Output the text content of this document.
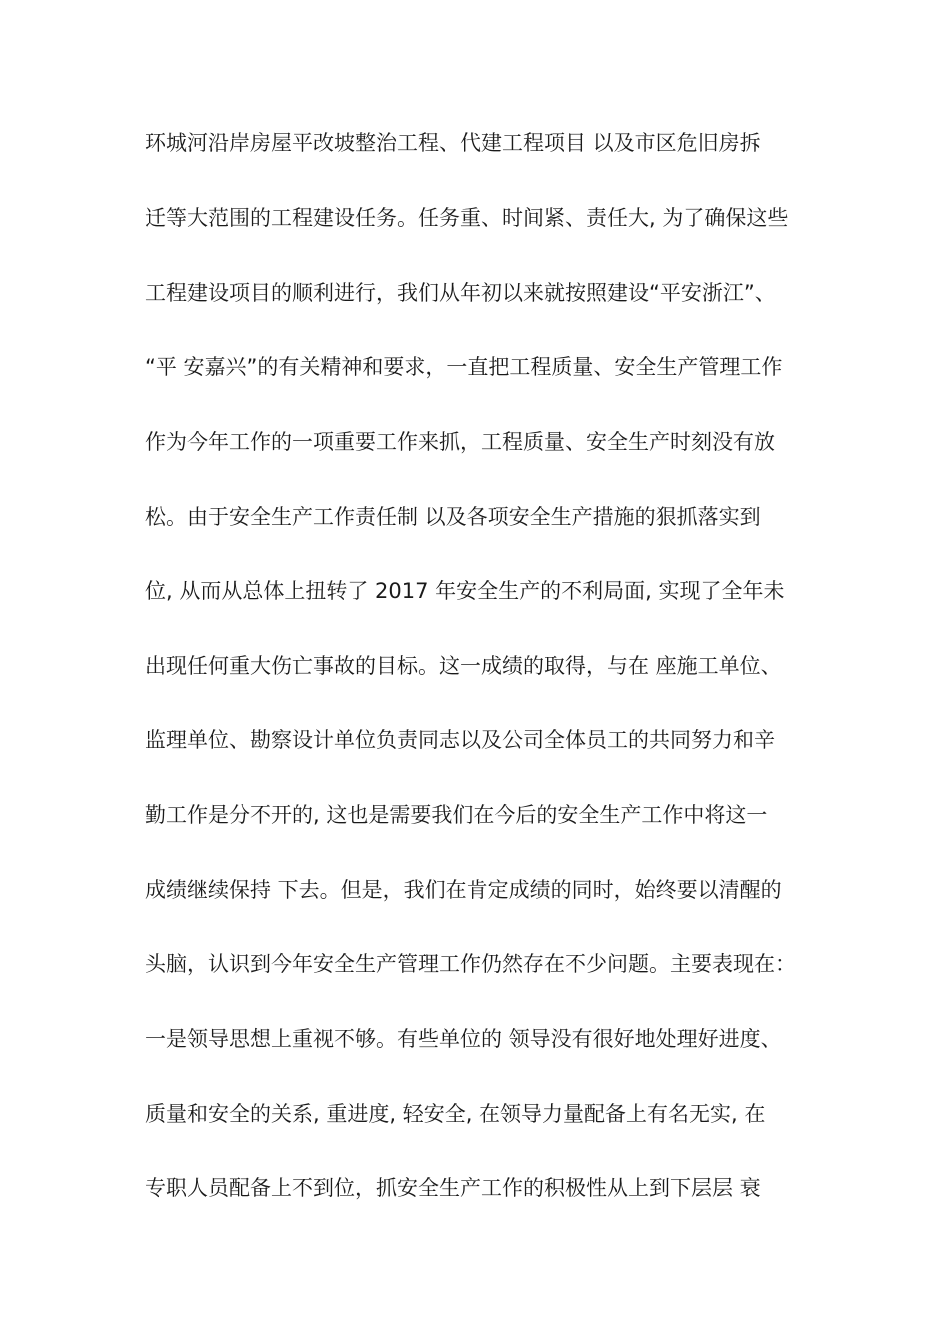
环城河沿岸房屋平改坡整治工程、代建工程项目 以及市区危旧房拆
迁等大范围的工程建设任务。任务重、时间紧、责任大, 为了确保这些
工程建设项目的顺利进行，我们从年初以来就按照建设“平安浙江”、
“平 安嘉兴”的有关精神和要求，一直把工程质量、安全生产管理工作
作为今年工作的一项重要工作来抓，工程质量、安全生产时刻没有放
松。由于安全生产工作责任制 以及各项安全生产措施的狠抓落实到
位, 从而从总体上扭转了 2017 年安全生产的不利局面, 实现了全年未
出现任何重大伤亡事故的目标。这一成绩的取得，与在 座施工单位、
监理单位、勘察设计单位负责同志以及公司全体员工的共同努力和辛
勤工作是分不开的, 这也是需要我们在今后的安全生产工作中将这一
成绩继续保持 下去。但是，我们在肯定成绩的同时，始终要以清醒的
头脑，认识到今年安全生产管理工作仍然存在不少问题。主要表现在：
一是领导思想上重视不够。有些单位的 领导没有很好地处理好进度、
质量和安全的关系, 重进度, 轻安全, 在领导力量配备上有名无实, 在
专职人员配备上不到位，抓安全生产工作的积极性从上到下层层 衰
